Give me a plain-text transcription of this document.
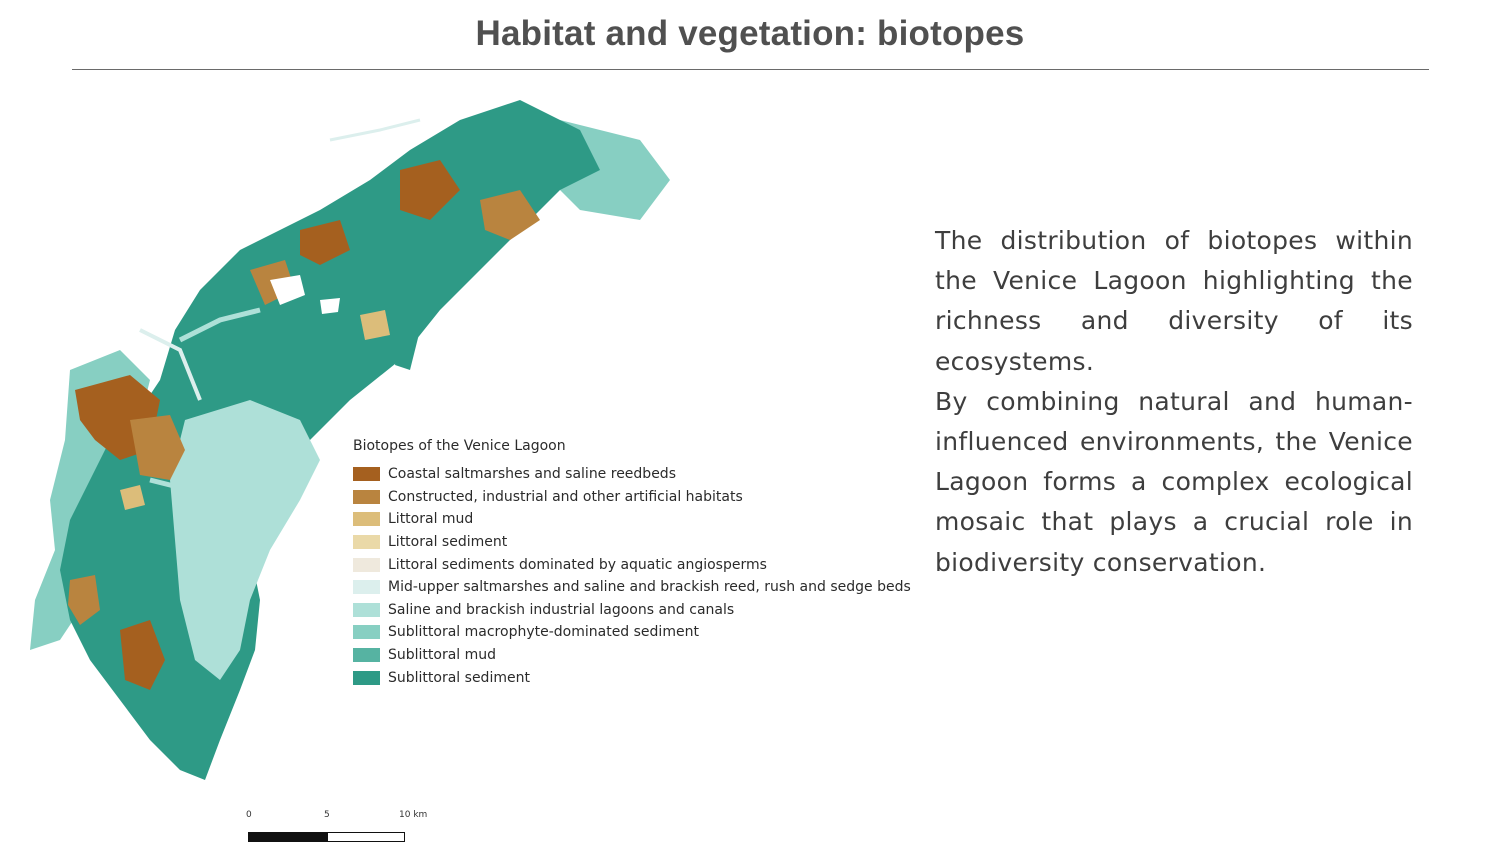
Habitat and vegetation: biotopes
0	5	10 km
Biotopes of the Venice Lagoon
Coastal saltmarshes and saline reedbeds
Constructed, industrial and other artificial habitats
Littoral mud
Littoral sediment
Littoral sediments dominated by aquatic angiosperms
Mid-upper saltmarshes and saline and brackish reed, rush and sedge beds
Saline and brackish industrial lagoons and canals
Sublittoral macrophyte-dominated sediment
Sublittoral mud
Sublittoral sediment

The distribution of biotopes within the Venice Lagoon highlighting the richness and diversity of its ecosystems.

By combining natural and human-influenced environments, the Venice Lagoon forms a complex ecological mosaic that plays a crucial role in biodiversity conservation.
